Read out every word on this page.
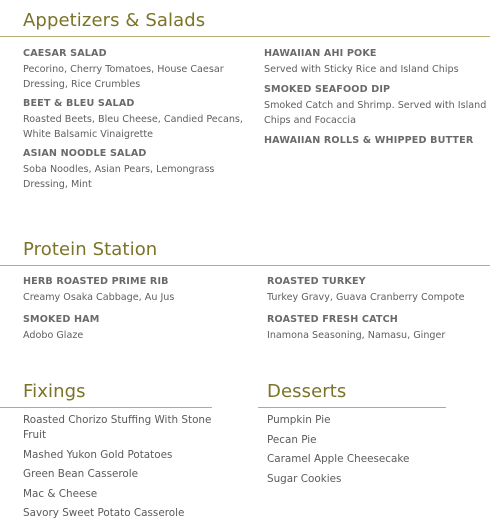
Appetizers & Salads

CAESAR SALAD

Pecorino, Cherry Tomatoes, House Caesar Dressing, Rice Crumbles

BEET & BLEU SALAD

Roasted Beets, Bleu Cheese, Candied Pecans, White Balsamic Vinaigrette

ASIAN NOODLE SALAD

Soba Noodles, Asian Pears, Lemongrass Dressing, Mint

HAWAIIAN AHI POKE

Served with Sticky Rice and Island Chips

SMOKED SEAFOOD DIP

Smoked Catch and Shrimp. Served with Island Chips and Focaccia

HAWAIIAN ROLLS & WHIPPED BUTTER

Protein Station

HERB ROASTED PRIME RIB

Creamy Osaka Cabbage, Au Jus

SMOKED HAM

Adobo Glaze

ROASTED TURKEY

Turkey Gravy, Guava Cranberry Compote

ROASTED FRESH CATCH

Inamona Seasoning, Namasu, Ginger

Fixings
Roasted Chorizo Stuffing With Stone Fruit
Mashed Yukon Gold Potatoes
Green Bean Casserole
Mac & Cheese
Savory Sweet Potato Casserole
Desserts
Pumpkin Pie
Pecan Pie
Caramel Apple Cheesecake
Sugar Cookies
